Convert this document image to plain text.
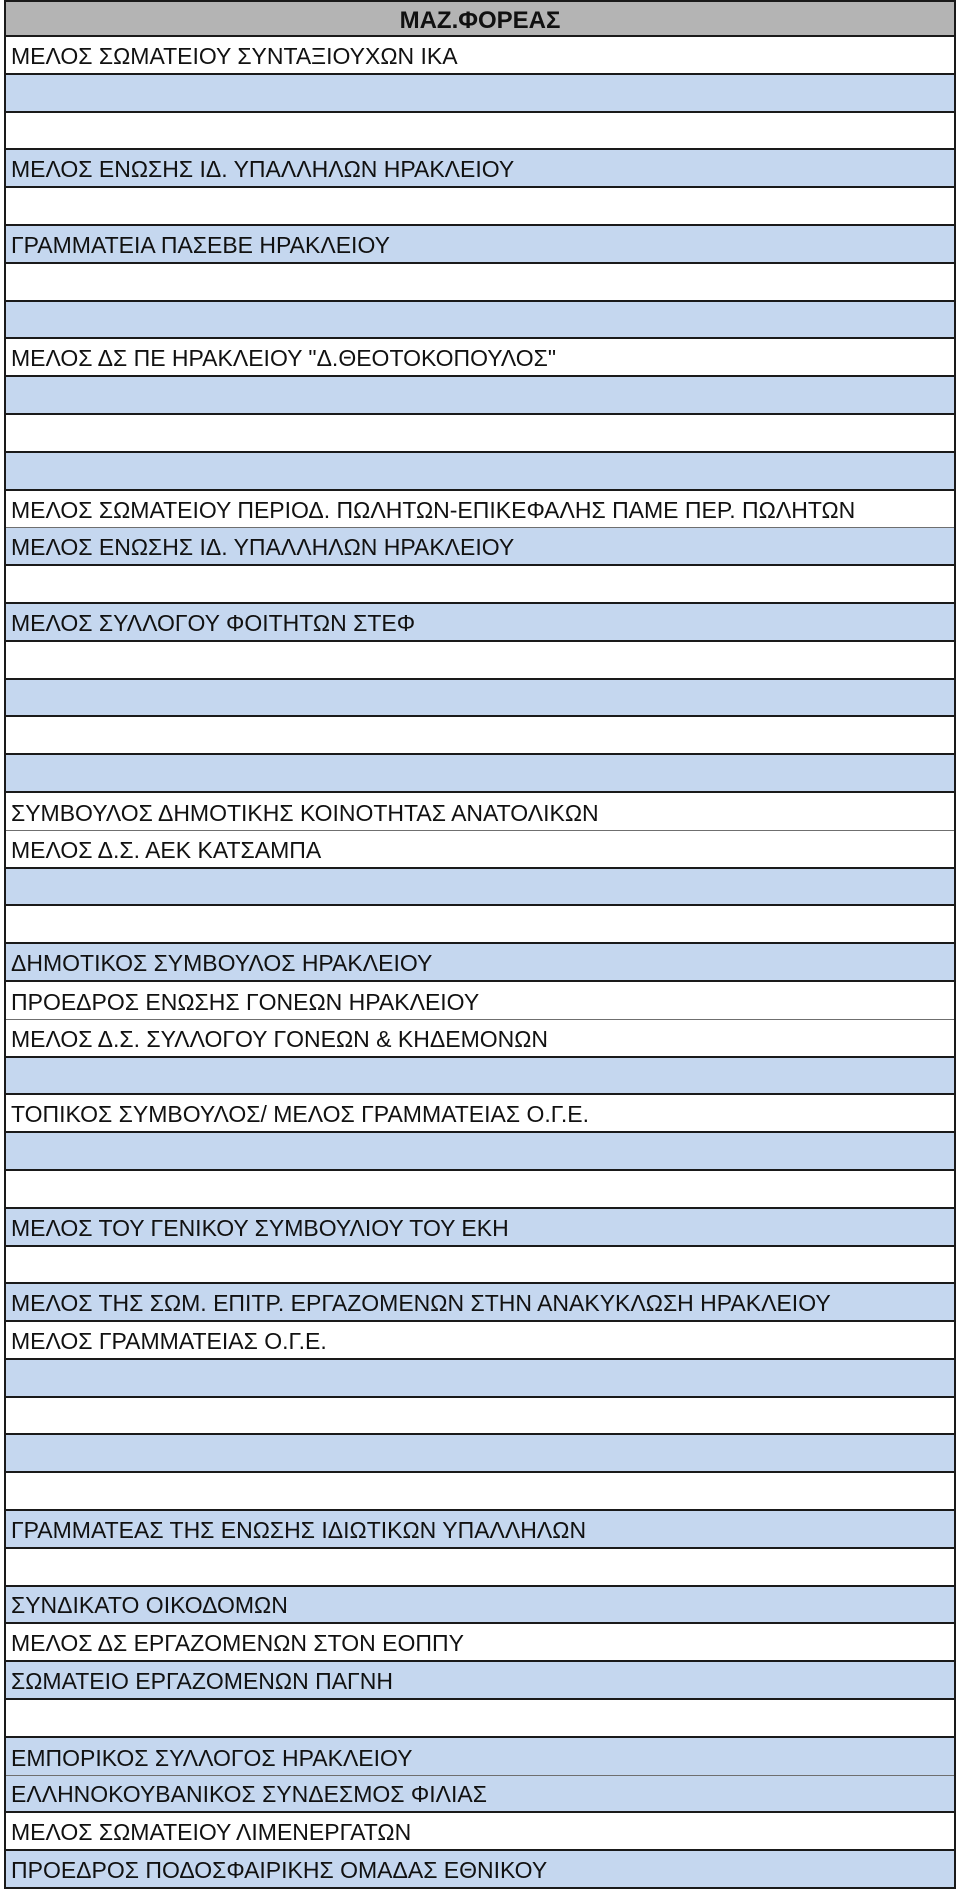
ΜΑΖ.ΦΟΡΕΑΣ
ΜΕΛΟΣ ΣΩΜΑΤΕΙΟΥ ΣΥΝΤΑΞΙΟΥΧΩΝ ΙΚΑ
ΜΕΛΟΣ ΕΝΩΣΗΣ ΙΔ. ΥΠΑΛΛΗΛΩΝ ΗΡΑΚΛΕΙΟΥ
ΓΡΑΜΜΑΤΕΙΑ ΠΑΣΕΒΕ ΗΡΑΚΛΕΙΟΥ
ΜΕΛΟΣ ΔΣ ΠΕ ΗΡΑΚΛΕΙΟΥ "Δ.ΘΕΟΤΟΚΟΠΟΥΛΟΣ"
ΜΕΛΟΣ ΣΩΜΑΤΕΙΟΥ ΠΕΡΙΟΔ. ΠΩΛΗΤΩΝ-ΕΠΙΚΕΦΑΛΗΣ ΠΑΜΕ ΠΕΡ. ΠΩΛΗΤΩΝ
ΜΕΛΟΣ ΕΝΩΣΗΣ ΙΔ. ΥΠΑΛΛΗΛΩΝ ΗΡΑΚΛΕΙΟΥ
ΜΕΛΟΣ ΣΥΛΛΟΓΟΥ ΦΟΙΤΗΤΩΝ ΣΤΕΦ
ΣΥΜΒΟΥΛΟΣ ΔΗΜΟΤΙΚΗΣ ΚΟΙΝΟΤΗΤΑΣ ΑΝΑΤΟΛΙΚΩΝ
ΜΕΛΟΣ Δ.Σ. ΑΕΚ ΚΑΤΣΑΜΠΑ
ΔΗΜΟΤΙΚΟΣ ΣΥΜΒΟΥΛΟΣ ΗΡΑΚΛΕΙΟΥ
ΠΡΟΕΔΡΟΣ ΕΝΩΣΗΣ ΓΟΝΕΩΝ ΗΡΑΚΛΕΙΟΥ
ΜΕΛΟΣ Δ.Σ. ΣΥΛΛΟΓΟΥ ΓΟΝΕΩΝ & ΚΗΔΕΜΟΝΩΝ
ΤΟΠΙΚΟΣ ΣΥΜΒΟΥΛΟΣ/ ΜΕΛΟΣ ΓΡΑΜΜΑΤΕΙΑΣ Ο.Γ.Ε.
ΜΕΛΟΣ ΤΟΥ ΓΕΝΙΚΟΥ ΣΥΜΒΟΥΛΙΟΥ ΤΟΥ ΕΚΗ
ΜΕΛΟΣ ΤΗΣ ΣΩΜ. ΕΠΙΤΡ. ΕΡΓΑΖΟΜΕΝΩΝ ΣΤΗΝ ΑΝΑΚΥΚΛΩΣΗ ΗΡΑΚΛΕΙΟΥ
ΜΕΛΟΣ ΓΡΑΜΜΑΤΕΙΑΣ Ο.Γ.Ε.
ΓΡΑΜΜΑΤΕΑΣ ΤΗΣ ΕΝΩΣΗΣ ΙΔΙΩΤΙΚΩΝ ΥΠΑΛΛΗΛΩΝ
ΣΥΝΔΙΚΑΤΟ ΟΙΚΟΔΟΜΩΝ
ΜΕΛΟΣ ΔΣ ΕΡΓΑΖΟΜΕΝΩΝ ΣΤΟΝ ΕΟΠΠΥ
ΣΩΜΑΤΕΙΟ ΕΡΓΑΖΟΜΕΝΩΝ ΠΑΓΝΗ
ΕΜΠΟΡΙΚΟΣ ΣΥΛΛΟΓΟΣ ΗΡΑΚΛΕΙΟΥ
ΕΛΛΗΝΟΚΟΥΒΑΝΙΚΟΣ ΣΥΝΔΕΣΜΟΣ ΦΙΛΙΑΣ
ΜΕΛΟΣ ΣΩΜΑΤΕΙΟΥ ΛΙΜΕΝΕΡΓΑΤΩΝ
ΠΡΟΕΔΡΟΣ ΠΟΔΟΣΦΑΙΡΙΚΗΣ ΟΜΑΔΑΣ ΕΘΝΙΚΟΥ
